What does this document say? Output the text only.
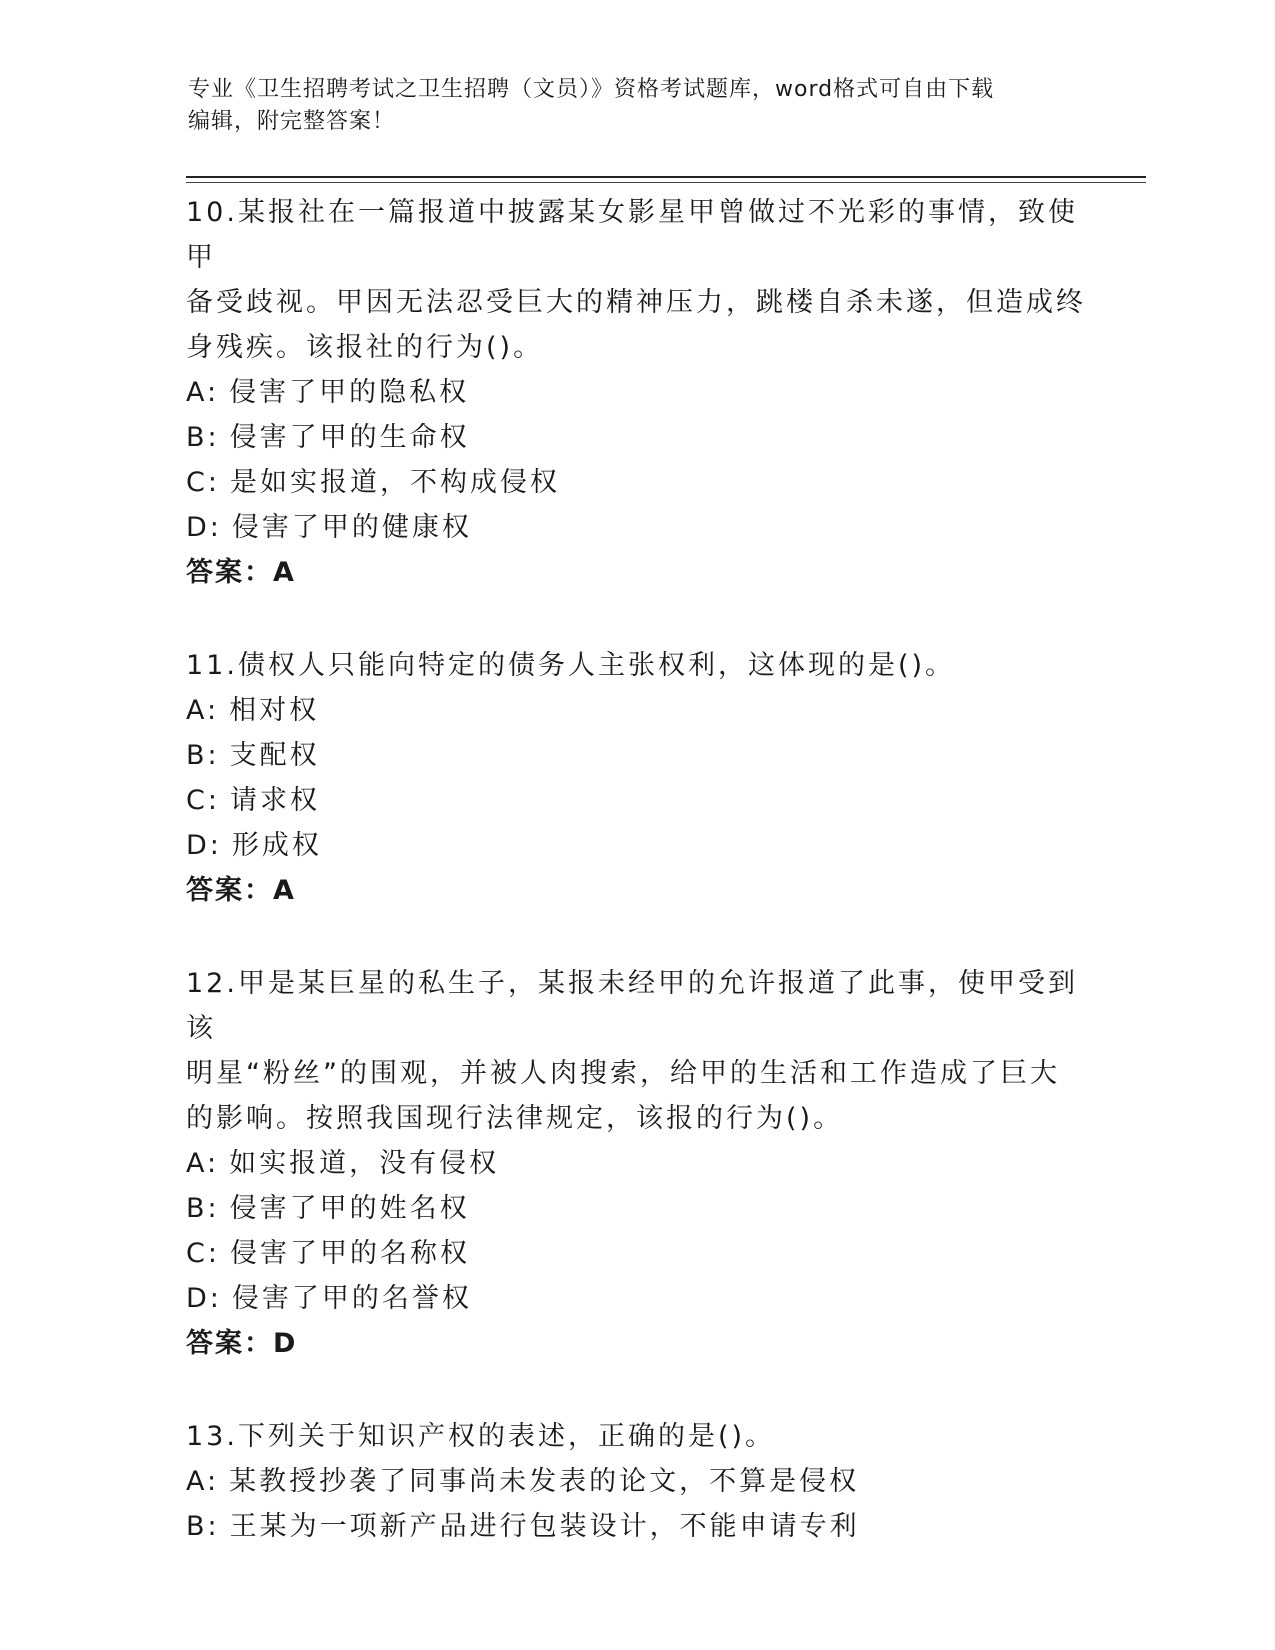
专业《卫生招聘考试之卫生招聘（文员）》资格考试题库，word格式可自由下载
编辑，附完整答案！
10.某报社在一篇报道中披露某女影星甲曾做过不光彩的事情，致使甲
备受歧视。甲因无法忍受巨大的精神压力，跳楼自杀未遂，但造成终
身残疾。该报社的行为()。
A: 侵害了甲的隐私权
B: 侵害了甲的生命权
C: 是如实报道，不构成侵权
D: 侵害了甲的健康权
答案：A
11.债权人只能向特定的债务人主张权利，这体现的是()。
A: 相对权
B: 支配权
C: 请求权
D: 形成权
答案：A
12.甲是某巨星的私生子，某报未经甲的允许报道了此事，使甲受到该
明星“粉丝”的围观，并被人肉搜索，给甲的生活和工作造成了巨大
的影响。按照我国现行法律规定，该报的行为()。
A: 如实报道，没有侵权
B: 侵害了甲的姓名权
C: 侵害了甲的名称权
D: 侵害了甲的名誉权
答案：D
13.下列关于知识产权的表述，正确的是()。
A: 某教授抄袭了同事尚未发表的论文，不算是侵权
B: 王某为一项新产品进行包装设计，不能申请专利
